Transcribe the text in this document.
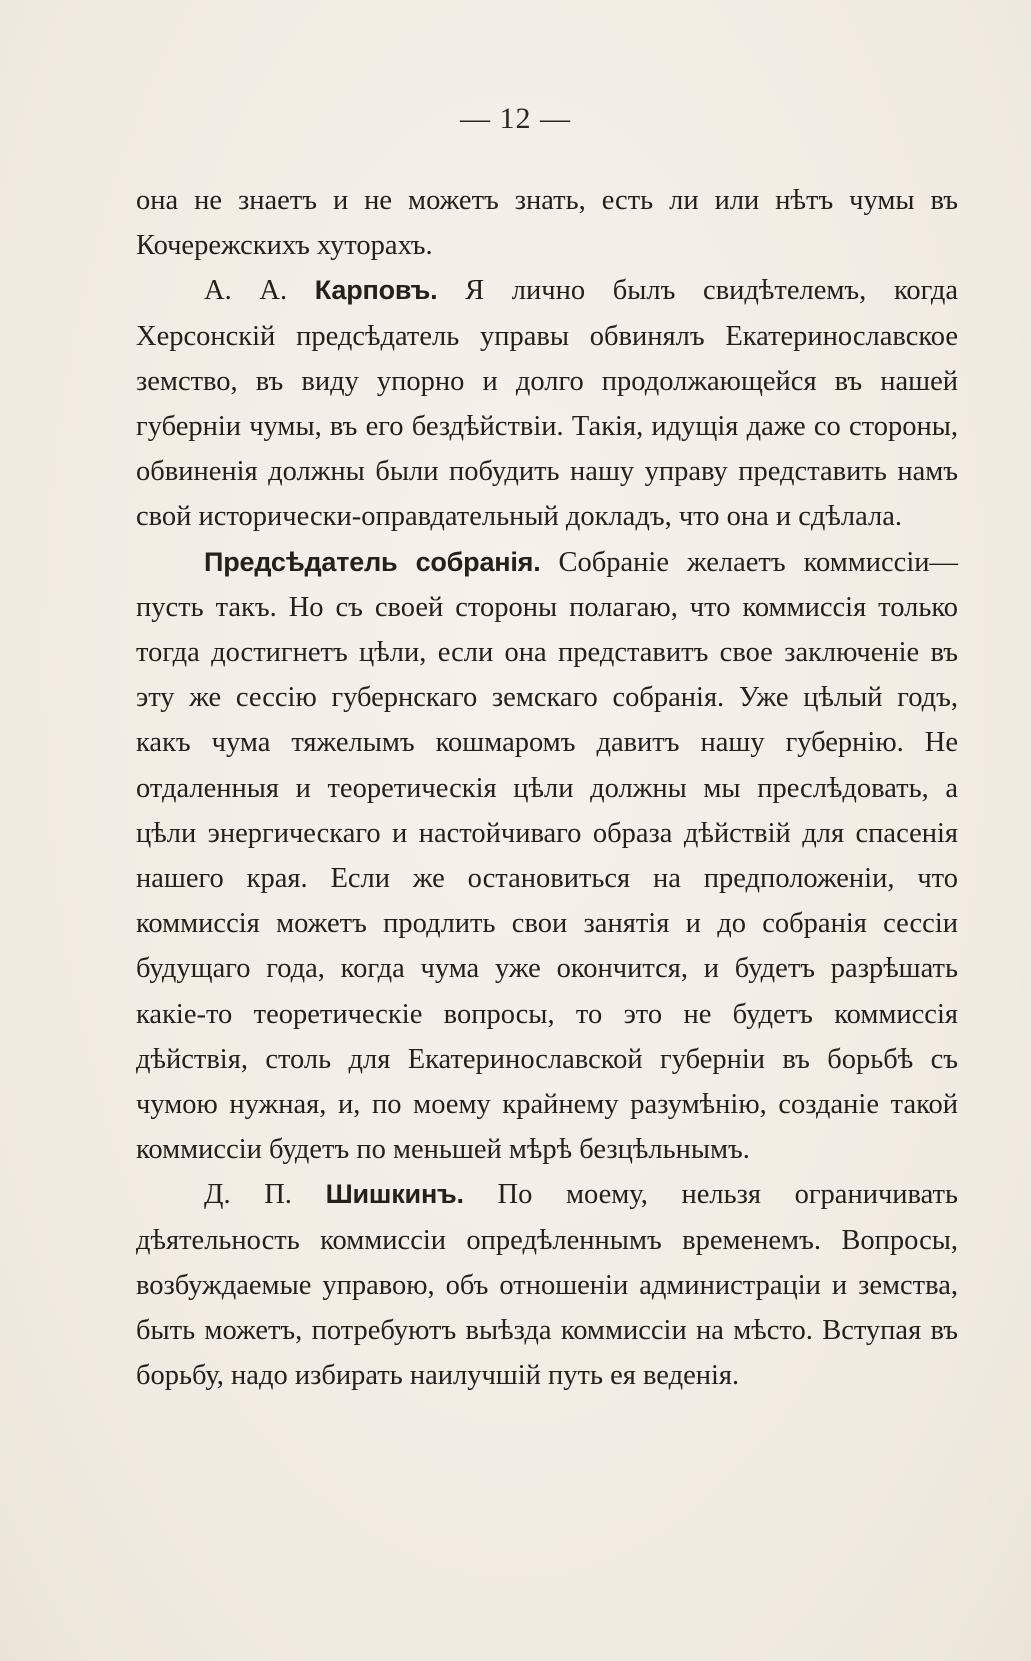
— 12 —

она не знаетъ и не можетъ знать, есть ли или нѣтъ чумы въ Кочережскихъ хуторахъ.

А. А. Карповъ. Я лично былъ свидѣтелемъ, когда Херсонскій предсѣдатель управы обвинялъ Екатеринославское земство, въ виду упорно и долго продолжающейся въ нашей губерніи чумы, въ его бездѣйствіи. Такія, идущія даже со стороны, обвиненія должны были побудить нашу управу представить намъ свой исторически-оправдательный докладъ, что она и сдѣлала.

Предсѣдатель собранія. Собраніе желаетъ коммиссіи—пусть такъ. Но съ своей стороны полагаю, что коммиссія только тогда достигнетъ цѣли, если она представитъ свое заключеніе въ эту же сессію губернскаго земскаго собранія. Уже цѣлый годъ, какъ чума тяжелымъ кошмаромъ давитъ нашу губернію. Не отдаленныя и теоретическія цѣли должны мы преслѣдовать, а цѣли энергическаго и настойчиваго образа дѣйствій для спасенія нашего края. Если же остановиться на предположеніи, что коммиссія можетъ продлить свои занятія и до собранія сессіи будущаго года, когда чума уже окончится, и будетъ разрѣшать какіе-то теоретическіе вопросы, то это не будетъ коммиссія дѣйствія, столь для Екатеринославской губерніи въ борьбѣ съ чумою нужная, и, по моему крайнему разумѣнію, созданіе такой коммиссіи будетъ по меньшей мѣрѣ безцѣльнымъ.

Д. П. Шишкинъ. По моему, нельзя ограничивать дѣятельность коммиссіи опредѣленнымъ временемъ. Вопросы, возбуждаемые управою, объ отношеніи администраціи и земства, быть можетъ, потребуютъ выѣзда коммиссіи на мѣсто. Вступая въ борьбу, надо избирать наилучшій путь ея веденія.
